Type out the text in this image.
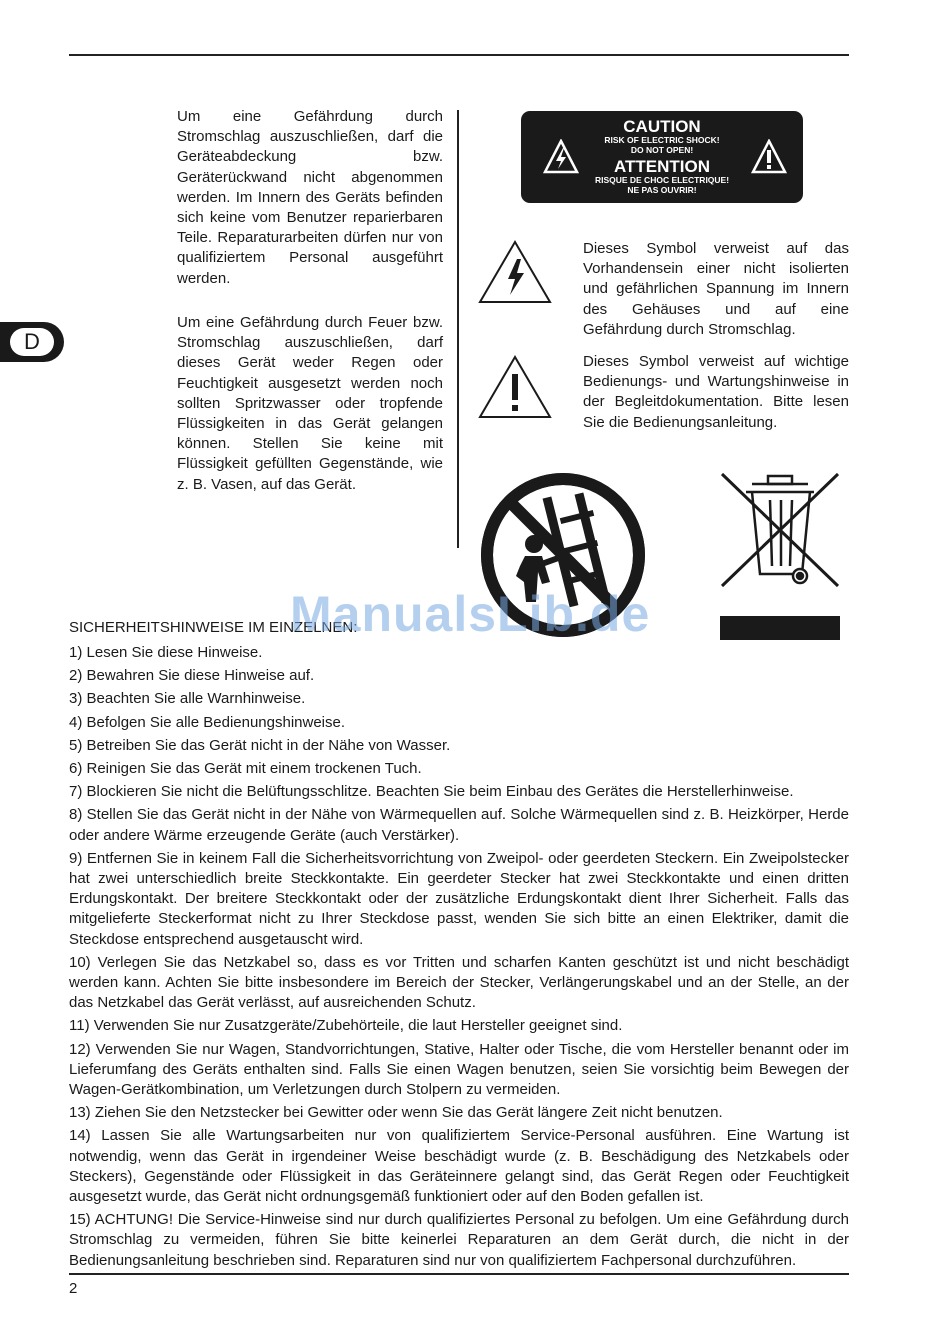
D

Um eine Gefährdung durch Stromschlag auszuschließen, darf die Geräteabdeckung bzw. Geräterückwand nicht abgenommen werden. Im Innern des Geräts befinden sich keine vom Benutzer reparierbaren Teile. Reparaturarbeiten dürfen nur von qualifiziertem Personal ausgeführt werden.

Um eine Gefährdung durch Feuer bzw. Stromschlag auszuschließen, darf dieses Gerät weder Regen oder Feuchtigkeit ausgesetzt werden noch sollten Spritzwasser oder tropfende Flüssigkeiten in das Gerät gelangen können. Stellen Sie keine mit Flüssigkeit gefüllten Gegenstände, wie z. B. Vasen, auf das Gerät.

CAUTION
RISK OF ELECTRIC SHOCK!
DO NOT OPEN!
ATTENTION
RISQUE DE CHOC ELECTRIQUE!
NE PAS OUVRIR!

Dieses Symbol verweist auf das Vorhandensein einer nicht isolierten und gefährlichen Spannung im Innern des Gehäuses und auf eine Gefährdung durch Stromschlag.

Dieses Symbol verweist auf wichtige Bedienungs- und Wartungshinweise in der Begleitdokumentation. Bitte lesen Sie die Bedienungsanleitung.

SICHERHEITSHINWEISE IM EINZELNEN:

ManualsLib.de

1) Lesen Sie diese Hinweise.

2) Bewahren Sie diese Hinweise auf.

3) Beachten Sie alle Warnhinweise.

4) Befolgen Sie alle Bedienungshinweise.

5) Betreiben Sie das Gerät nicht in der Nähe von Wasser.

6) Reinigen Sie das Gerät mit einem trockenen Tuch.

7) Blockieren Sie nicht die Belüftungsschlitze. Beachten Sie beim Einbau des Gerätes die Herstellerhinweise.

8) Stellen Sie das Gerät nicht in der Nähe von Wärmequellen auf. Solche Wärmequellen sind z. B. Heizkörper, Herde oder andere Wärme erzeugende Geräte (auch Verstärker).

9) Entfernen Sie in keinem Fall die Sicherheitsvorrichtung von Zweipol- oder geerdeten Steckern. Ein Zweipolstecker hat zwei unterschiedlich breite Steckkontakte. Ein geerdeter Stecker hat zwei Steckkontakte und einen dritten Erdungskontakt. Der breitere Steckkontakt oder der zusätzliche Erdungskontakt dient Ihrer Sicherheit. Falls das mitgelieferte Steckerformat nicht zu Ihrer Steckdose passt, wenden Sie sich bitte an einen Elektriker, damit die Steckdose entsprechend ausgetauscht wird.

10) Verlegen Sie das Netzkabel so, dass es vor Tritten und scharfen Kanten geschützt ist und nicht beschädigt werden kann. Achten Sie bitte insbesondere im Bereich der Stecker, Verlängerungskabel und an der Stelle, an der das Netzkabel das Gerät verlässt, auf ausreichenden Schutz.

11) Verwenden Sie nur Zusatzgeräte/Zubehörteile, die laut Hersteller geeignet sind.

12) Verwenden Sie nur Wagen, Standvorrichtungen, Stative, Halter oder Tische, die vom Hersteller benannt oder im Lieferumfang des Geräts enthalten sind. Falls Sie einen Wagen benutzen, seien Sie vorsichtig beim Bewegen der Wagen-Gerätkombination, um Verletzungen durch Stolpern zu vermeiden.

13) Ziehen Sie den Netzstecker bei Gewitter oder wenn Sie das Gerät längere Zeit nicht benutzen.

14) Lassen Sie alle Wartungsarbeiten nur von qualifiziertem Service-Personal ausführen. Eine Wartung ist notwendig, wenn das Gerät in irgendeiner Weise beschädigt wurde (z. B. Beschädigung des Netzkabels oder Steckers), Gegenstände oder Flüssigkeit in das Geräteinnere gelangt sind, das Gerät Regen oder Feuchtigkeit ausgesetzt wurde, das Gerät nicht ordnungsgemäß funktioniert oder auf den Boden gefallen ist.

15) ACHTUNG! Die Service-Hinweise sind nur durch qualifiziertes Personal zu befolgen. Um eine Gefährdung durch Stromschlag zu vermeiden, führen Sie bitte keinerlei Reparaturen an dem Gerät durch, die nicht in der Bedienungsanleitung beschrieben sind. Reparaturen sind nur von qualifiziertem Fachpersonal durchzuführen.

2
